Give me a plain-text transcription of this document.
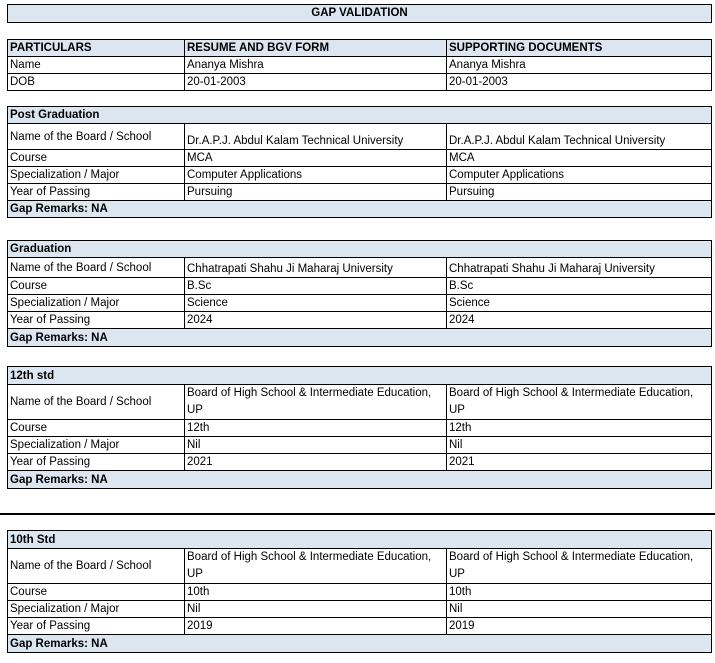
GAP VALIDATION
PARTICULARS	RESUME AND BGV FORM	SUPPORTING DOCUMENTS
Name	Ananya Mishra	Ananya Mishra
DOB	20-01-2003	20-01-2003
Post Graduation		
Name of the Board / School	Dr.A.P.J. Abdul Kalam Technical University	Dr.A.P.J. Abdul Kalam Technical University
Course	MCA	MCA
Specialization / Major	Computer Applications	Computer Applications
Year of Passing	Pursuing	Pursuing
Gap Remarks: NA		
Graduation		
Name of the Board / School	Chhatrapati Shahu Ji Maharaj University	Chhatrapati Shahu Ji Maharaj University
Course	B.Sc	B.Sc
Specialization / Major	Science	Science
Year of Passing	2024	2024
Gap Remarks: NA		
12th std		
Name of the Board / School	Board of High School & Intermediate Education, UP	Board of High School & Intermediate Education, UP
Course	12th	12th
Specialization / Major	Nil	Nil
Year of Passing	2021	2021
Gap Remarks: NA		
10th Std		
Name of the Board / School	Board of High School & Intermediate Education, UP	Board of High School & Intermediate Education, UP
Course	10th	10th
Specialization / Major	Nil	Nil
Year of Passing	2019	2019
Gap Remarks: NA		
